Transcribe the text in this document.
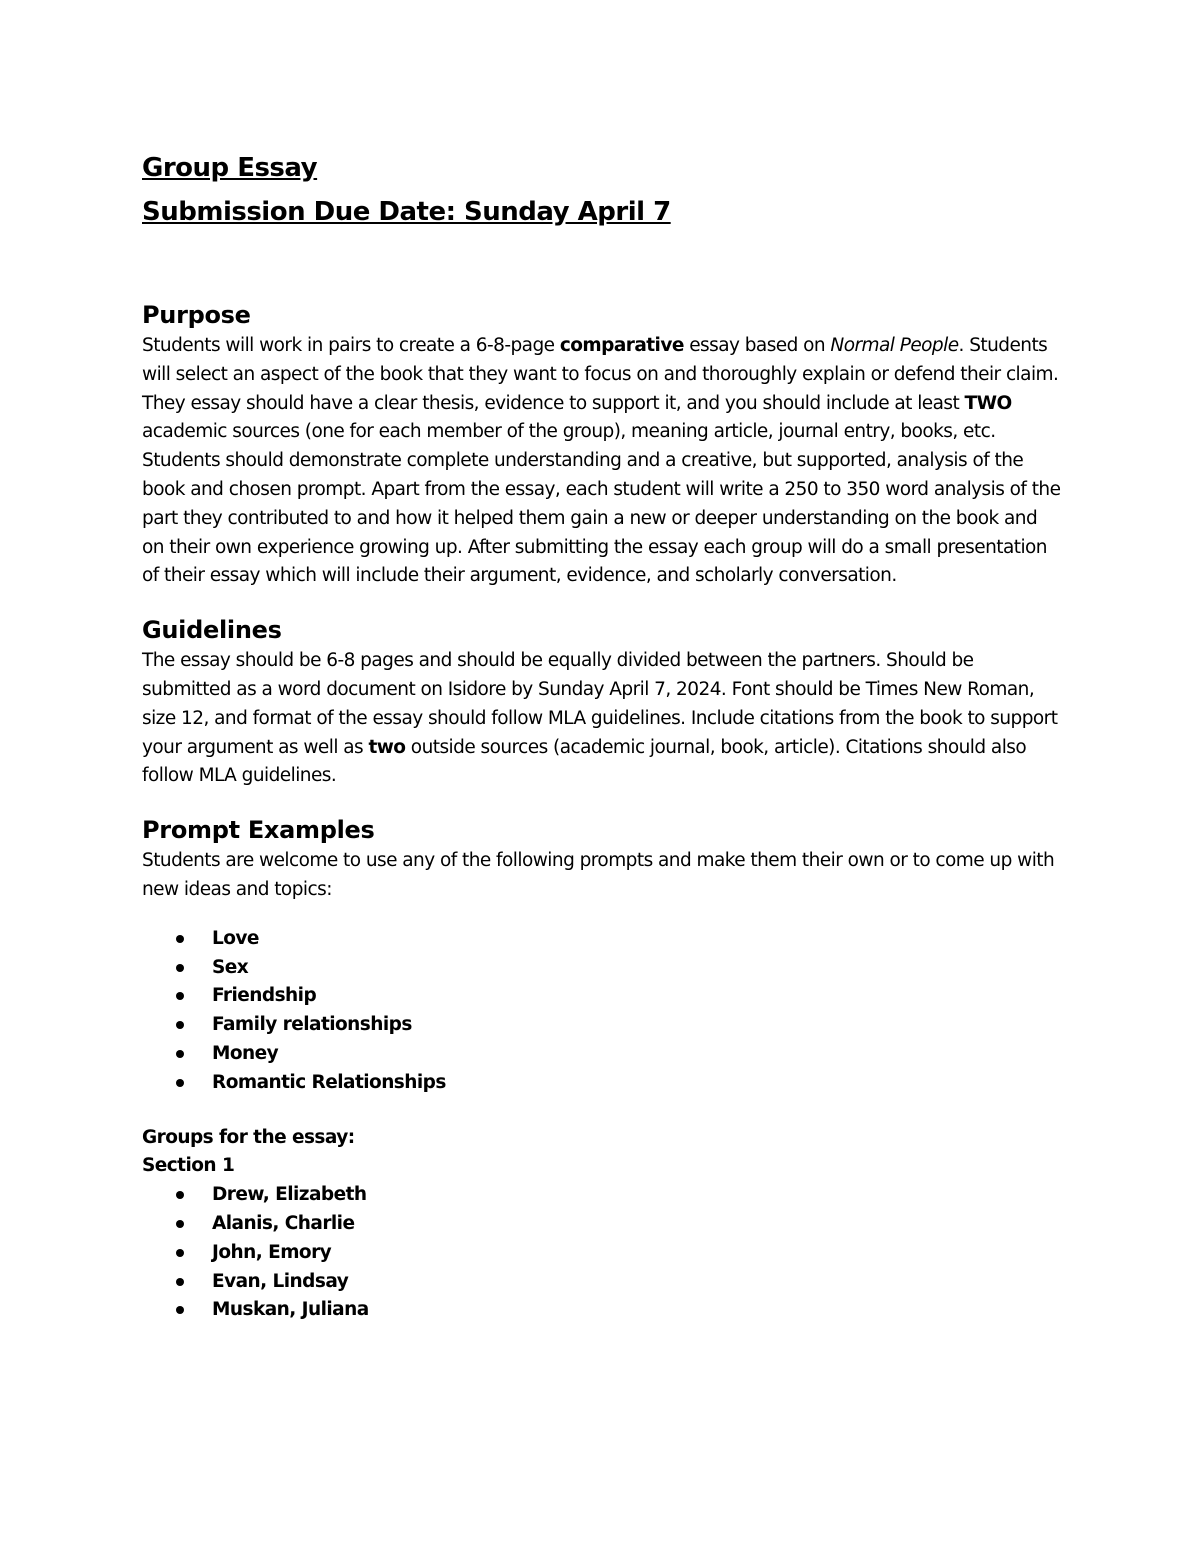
Group Essay

Submission Due Date: Sunday April 7

Purpose

Students will work in pairs to create a 6-8-page comparative essay based on Normal People. Students will select an aspect of the book that they want to focus on and thoroughly explain or defend their claim. They essay should have a clear thesis, evidence to support it, and you should include at least TWO academic sources (one for each member of the group), meaning article, journal entry, books, etc. Students should demonstrate complete understanding and a creative, but supported, analysis of the book and chosen prompt. Apart from the essay, each student will write a 250 to 350 word analysis of the part they contributed to and how it helped them gain a new or deeper understanding on the book and on their own experience growing up. After submitting the essay each group will do a small presentation of their essay which will include their argument, evidence, and scholarly conversation.

Guidelines

The essay should be 6-8 pages and should be equally divided between the partners. Should be submitted as a word document on Isidore by Sunday April 7, 2024. Font should be Times New Roman, size 12, and format of the essay should follow MLA guidelines. Include citations from the book to support your argument as well as two outside sources (academic journal, book, article). Citations should also follow MLA guidelines.

Prompt Examples

Students are welcome to use any of the following prompts and make them their own or to come up with new ideas and topics:

Love
Sex
Friendship
Family relationships
Money
Romantic Relationships

Groups for the essay:

Section 1

Drew, Elizabeth
Alanis, Charlie
John, Emory
Evan, Lindsay
Muskan, Juliana
